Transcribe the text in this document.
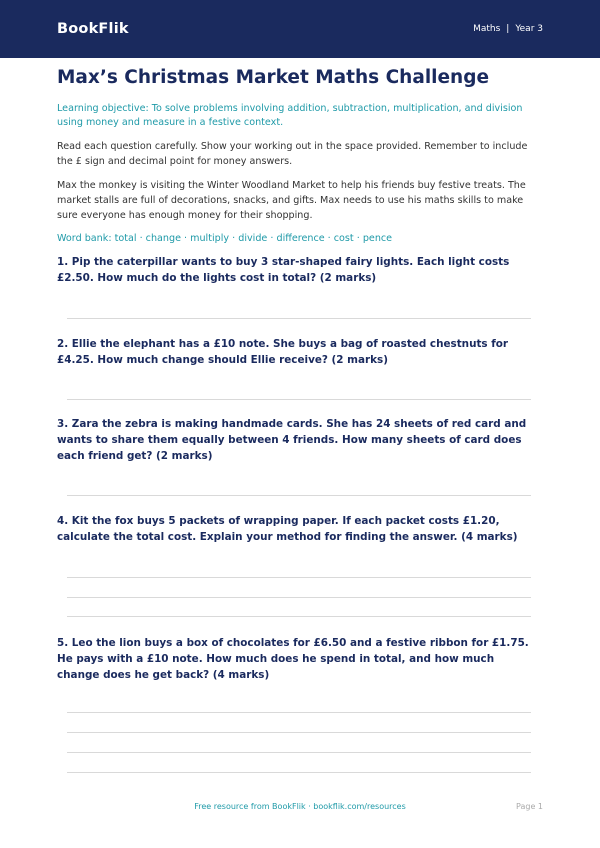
BookFlik	Maths | Year 3
Max’s Christmas Market Maths Challenge

Learning objective: To solve problems involving addition, subtraction, multiplication, and division using money and measure in a festive context.

Read each question carefully. Show your working out in the space provided. Remember to include the £ sign and decimal point for money answers.

Max the monkey is visiting the Winter Woodland Market to help his friends buy festive treats. The market stalls are full of decorations, snacks, and gifts. Max needs to use his maths skills to make sure everyone has enough money for their shopping.

Word bank: total · change · multiply · divide · difference · cost · pence

1. Pip the caterpillar wants to buy 3 star-shaped fairy lights. Each light costs £2.50. How much do the lights cost in total? (2 marks)
2. Ellie the elephant has a £10 note. She buys a bag of roasted chestnuts for £4.25. How much change should Ellie receive? (2 marks)
3. Zara the zebra is making handmade cards. She has 24 sheets of red card and wants to share them equally between 4 friends. How many sheets of card does each friend get? (2 marks)
4. Kit the fox buys 5 packets of wrapping paper. If each packet costs £1.20, calculate the total cost. Explain your method for finding the answer. (4 marks)
5. Leo the lion buys a box of chocolates for £6.50 and a festive ribbon for £1.75. He pays with a £10 note. How much does he spend in total, and how much change does he get back? (4 marks)
Free resource from BookFlik · bookflik.com/resources	Page 1
